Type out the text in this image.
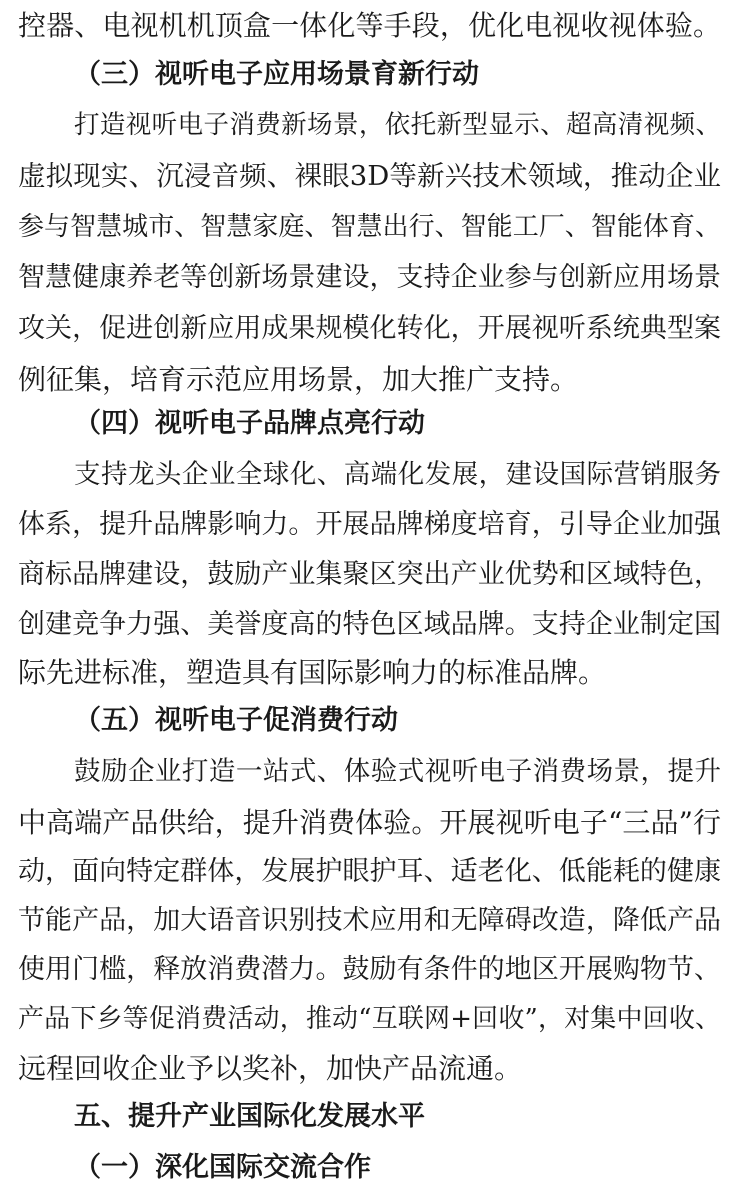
控器、电视机机顶盒一体化等手段，优化电视收视体验。
（三）视听电子应用场景育新行动
打造视听电子消费新场景，依托新型显示、超高清视频、
虚拟现实、沉浸音频、裸眼3D等新兴技术领域，推动企业
参与智慧城市、智慧家庭、智慧出行、智能工厂、智能体育、
智慧健康养老等创新场景建设，支持企业参与创新应用场景
攻关，促进创新应用成果规模化转化，开展视听系统典型案
例征集，培育示范应用场景，加大推广支持。
（四）视听电子品牌点亮行动
支持龙头企业全球化、高端化发展，建设国际营销服务
体系，提升品牌影响力。开展品牌梯度培育，引导企业加强
商标品牌建设，鼓励产业集聚区突出产业优势和区域特色，
创建竞争力强、美誉度高的特色区域品牌。支持企业制定国
际先进标准，塑造具有国际影响力的标准品牌。
（五）视听电子促消费行动
鼓励企业打造一站式、体验式视听电子消费场景，提升
中高端产品供给，提升消费体验。开展视听电子“三品”行
动，面向特定群体，发展护眼护耳、适老化、低能耗的健康
节能产品，加大语音识别技术应用和无障碍改造，降低产品
使用门槛，释放消费潜力。鼓励有条件的地区开展购物节、
产品下乡等促消费活动，推动“互联网+回收”，对集中回收、
远程回收企业予以奖补，加快产品流通。
五、提升产业国际化发展水平
（一）深化国际交流合作
